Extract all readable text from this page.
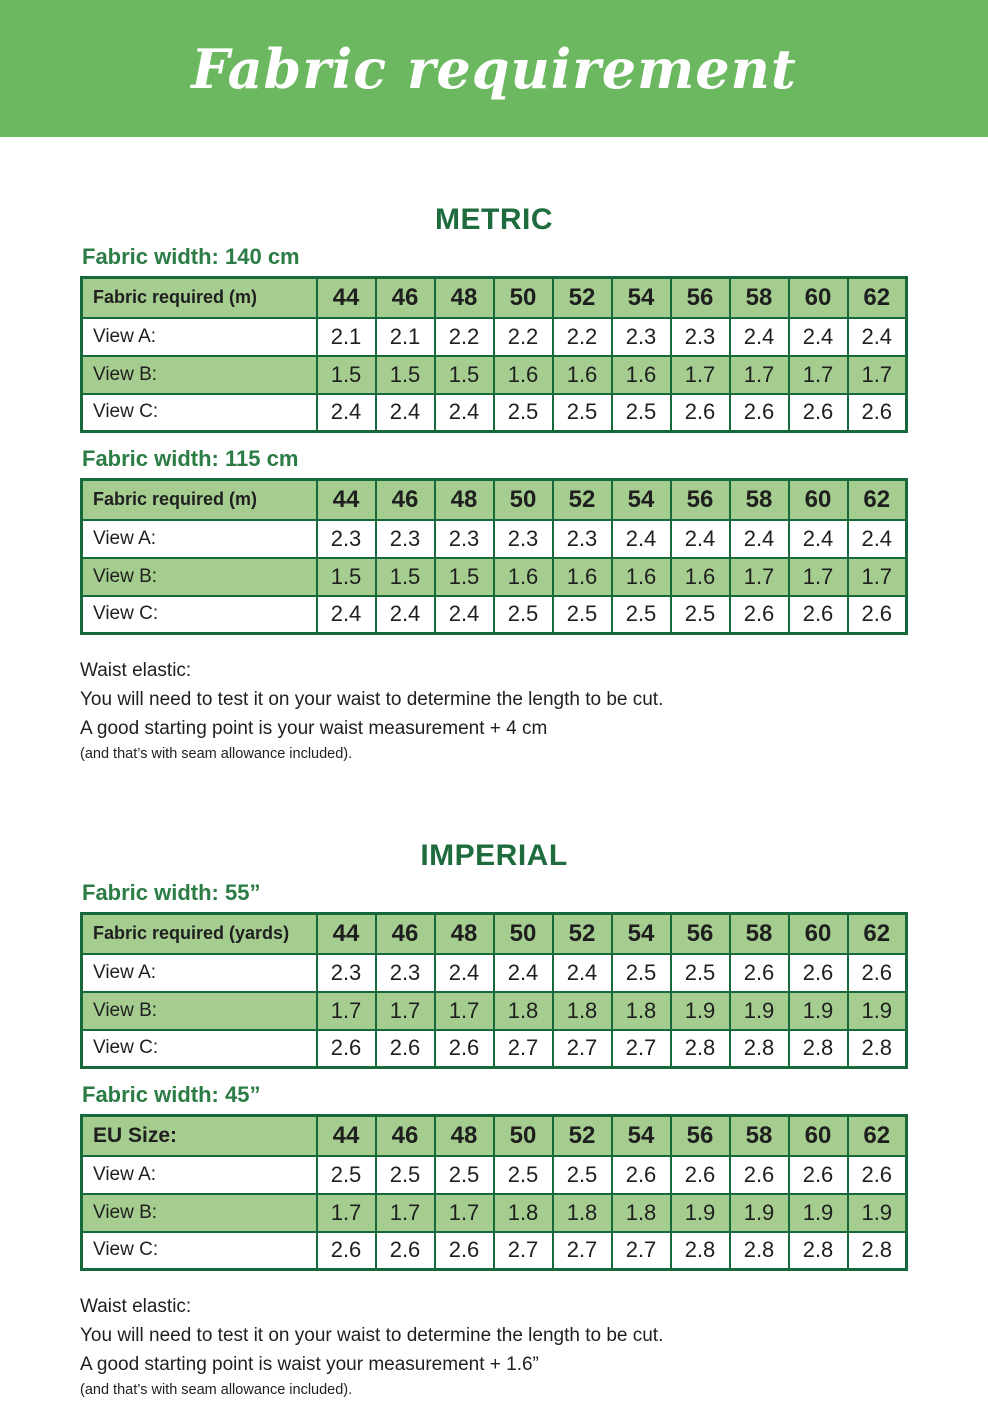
Fabric requirement
METRIC
Fabric width: 140 cm
Fabric required (m)	44	46	48	50	52	54	56	58	60	62
View A:	2.1	2.1	2.2	2.2	2.2	2.3	2.3	2.4	2.4	2.4
View B:	1.5	1.5	1.5	1.6	1.6	1.6	1.7	1.7	1.7	1.7
View C:	2.4	2.4	2.4	2.5	2.5	2.5	2.6	2.6	2.6	2.6
Fabric width: 115 cm
Fabric required (m)	44	46	48	50	52	54	56	58	60	62
View A:	2.3	2.3	2.3	2.3	2.3	2.4	2.4	2.4	2.4	2.4
View B:	1.5	1.5	1.5	1.6	1.6	1.6	1.6	1.7	1.7	1.7
View C:	2.4	2.4	2.4	2.5	2.5	2.5	2.5	2.6	2.6	2.6
Waist elastic:
You will need to test it on your waist to determine the length to be cut.
A good starting point is your waist measurement + 4 cm
(and that’s with seam allowance included).
IMPERIAL
Fabric width: 55”
Fabric required (yards)	44	46	48	50	52	54	56	58	60	62
View A:	2.3	2.3	2.4	2.4	2.4	2.5	2.5	2.6	2.6	2.6
View B:	1.7	1.7	1.7	1.8	1.8	1.8	1.9	1.9	1.9	1.9
View C:	2.6	2.6	2.6	2.7	2.7	2.7	2.8	2.8	2.8	2.8
Fabric width: 45”
EU Size:	44	46	48	50	52	54	56	58	60	62
View A:	2.5	2.5	2.5	2.5	2.5	2.6	2.6	2.6	2.6	2.6
View B:	1.7	1.7	1.7	1.8	1.8	1.8	1.9	1.9	1.9	1.9
View C:	2.6	2.6	2.6	2.7	2.7	2.7	2.8	2.8	2.8	2.8
Waist elastic:
You will need to test it on your waist to determine the length to be cut.
A good starting point is waist your measurement + 1.6”
(and that’s with seam allowance included).
